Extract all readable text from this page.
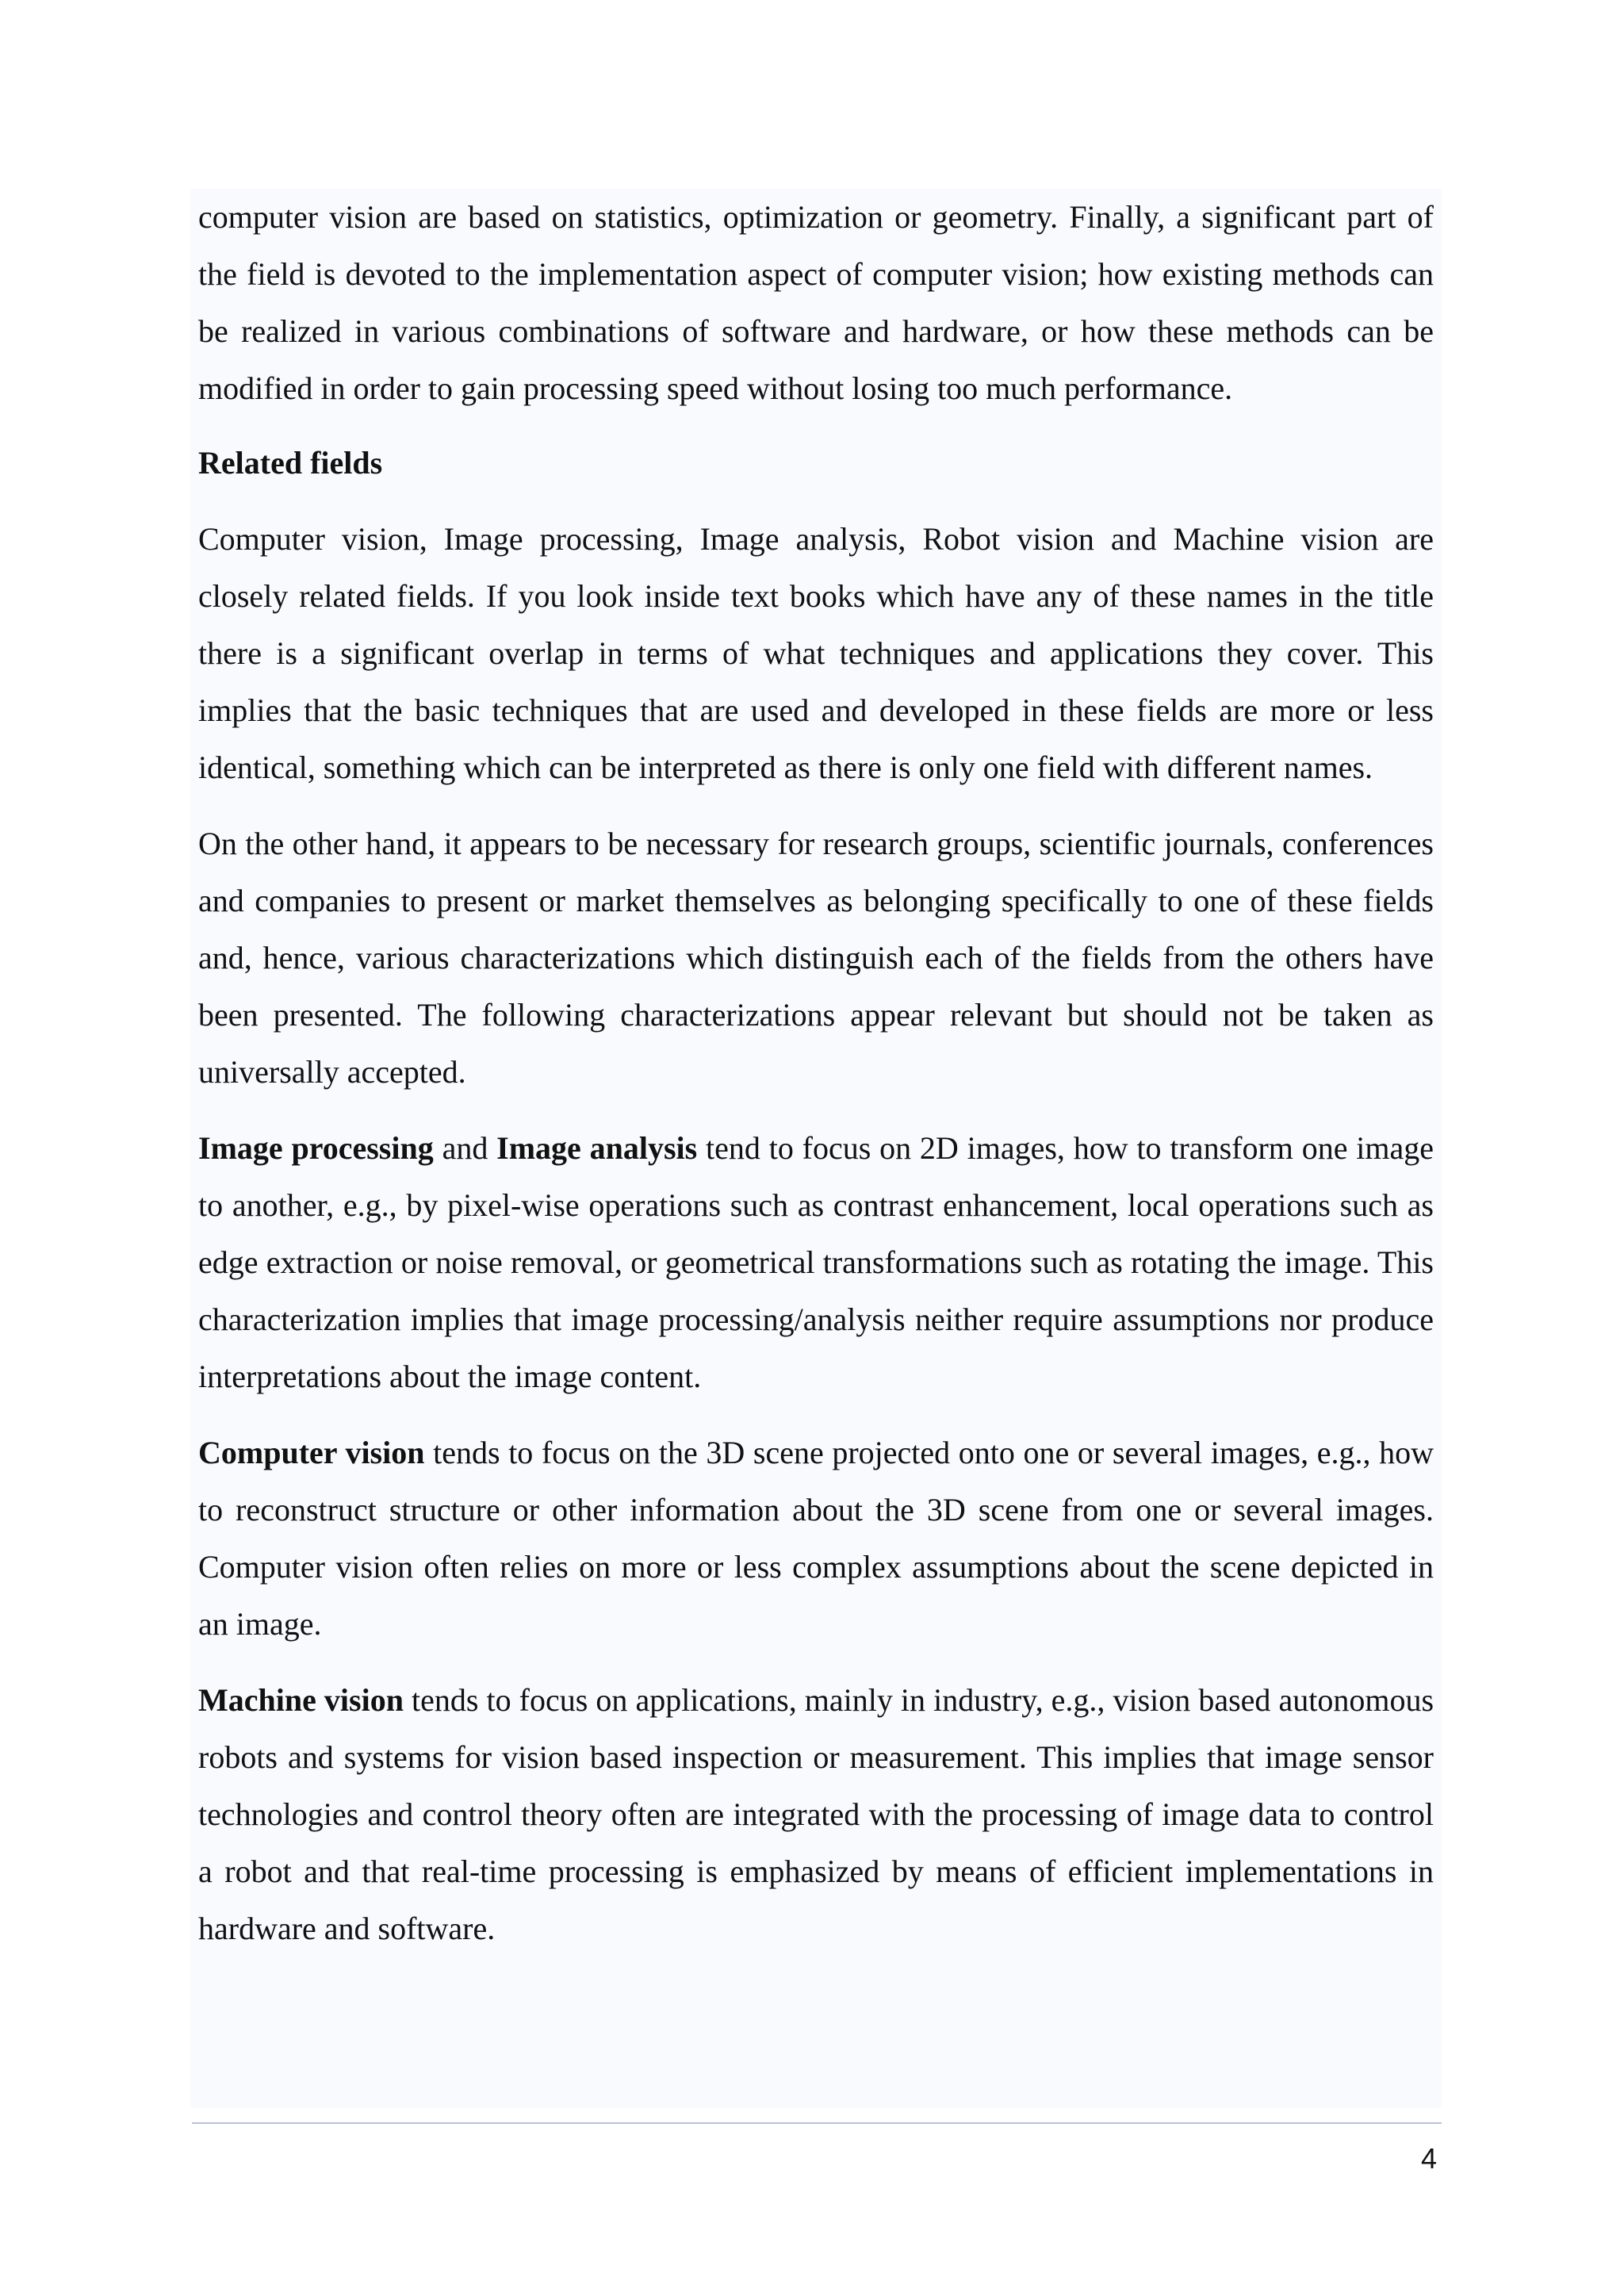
computer vision are based on statistics, optimization or geometry. Finally, a significant part of the field is devoted to the implementation aspect of computer vision; how existing methods can be realized in various combinations of software and hardware, or how these methods can be modified in order to gain processing speed without losing too much performance.

Related fields

Computer vision, Image processing, Image analysis, Robot vision and Machine vision are closely related fields. If you look inside text books which have any of these names in the title there is a significant overlap in terms of what techniques and applications they cover. This implies that the basic techniques that are used and developed in these fields are more or less identical, something which can be interpreted as there is only one field with different names.

On the other hand, it appears to be necessary for research groups, scientific journals, conferences and companies to present or market themselves as belonging specifically to one of these fields and, hence, various characterizations which distinguish each of the fields from the others have been presented. The following characterizations appear relevant but should not be taken as universally accepted.

Image processing and Image analysis tend to focus on 2D images, how to transform one image to another, e.g., by pixel-wise operations such as contrast enhancement, local operations such as edge extraction or noise removal, or geometrical transformations such as rotating the image. This characterization implies that image processing/analysis neither require assumptions nor produce interpretations about the image content.

Computer vision tends to focus on the 3D scene projected onto one or several images, e.g., how to reconstruct structure or other information about the 3D scene from one or several images. Computer vision often relies on more or less complex assumptions about the scene depicted in an image.

Machine vision tends to focus on applications, mainly in industry, e.g., vision based autonomous robots and systems for vision based inspection or measurement. This implies that image sensor technologies and control theory often are integrated with the processing of image data to control a robot and that real-time processing is emphasized by means of efficient implementations in hardware and software.

4
